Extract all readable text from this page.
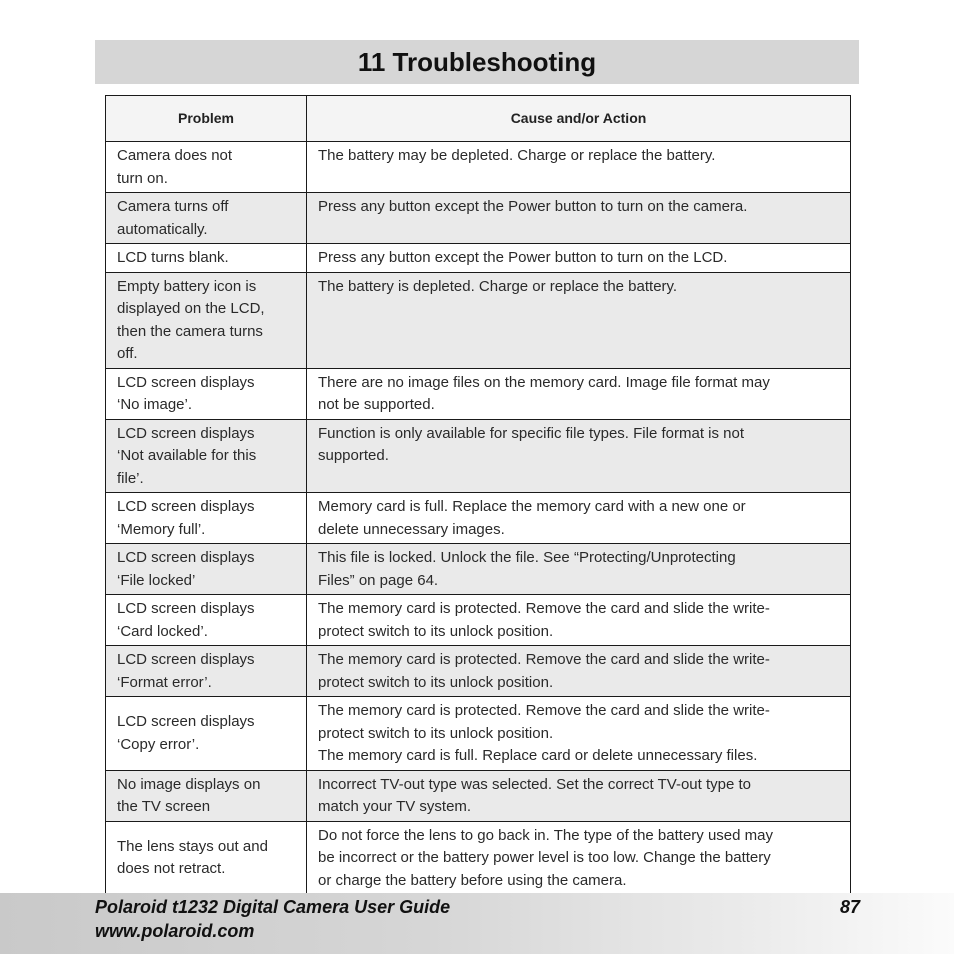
11 Troubleshooting
Problem	Cause and/or Action

Camera does not
turn on.	The battery may be depleted. Charge or replace the battery.

Camera turns off
automatically.	Press any button except the Power button to turn on the camera.

LCD turns blank.	Press any button except the Power button to turn on the LCD.

Empty battery icon is
displayed on the LCD,
then the camera turns
off.	The battery is depleted. Charge or replace the battery.

LCD screen displays
‘No image’.	There are no image files on the memory card. Image file format may
not be supported.

LCD screen displays
‘Not available for this
file’.	Function is only available for specific file types. File format is not
supported.

LCD screen displays
‘Memory full’.	Memory card is full. Replace the memory card with a new one or
delete unnecessary images.

LCD screen displays
‘File locked’	This file is locked. Unlock the file. See “Protecting/Unprotecting
Files” on page 64.

LCD screen displays
‘Card locked’.	The memory card is protected. Remove the card and slide the write-
protect switch to its unlock position.

LCD screen displays
‘Format error’.	The memory card is protected. Remove the card and slide the write-
protect switch to its unlock position.

LCD screen displays
‘Copy error’.	The memory card is protected. Remove the card and slide the write-
protect switch to its unlock position.
The memory card is full. Replace card or delete unnecessary files.

No image displays on
the TV screen	Incorrect TV-out type was selected. Set the correct TV-out type to
match your TV system.

The lens stays out and
does not retract.	Do not force the lens to go back in. The type of the battery used may
be incorrect or the battery power level is too low. Change the battery
or charge the battery before using the camera.
Polaroid t1232 Digital Camera User Guide
www.polaroid.com
87
